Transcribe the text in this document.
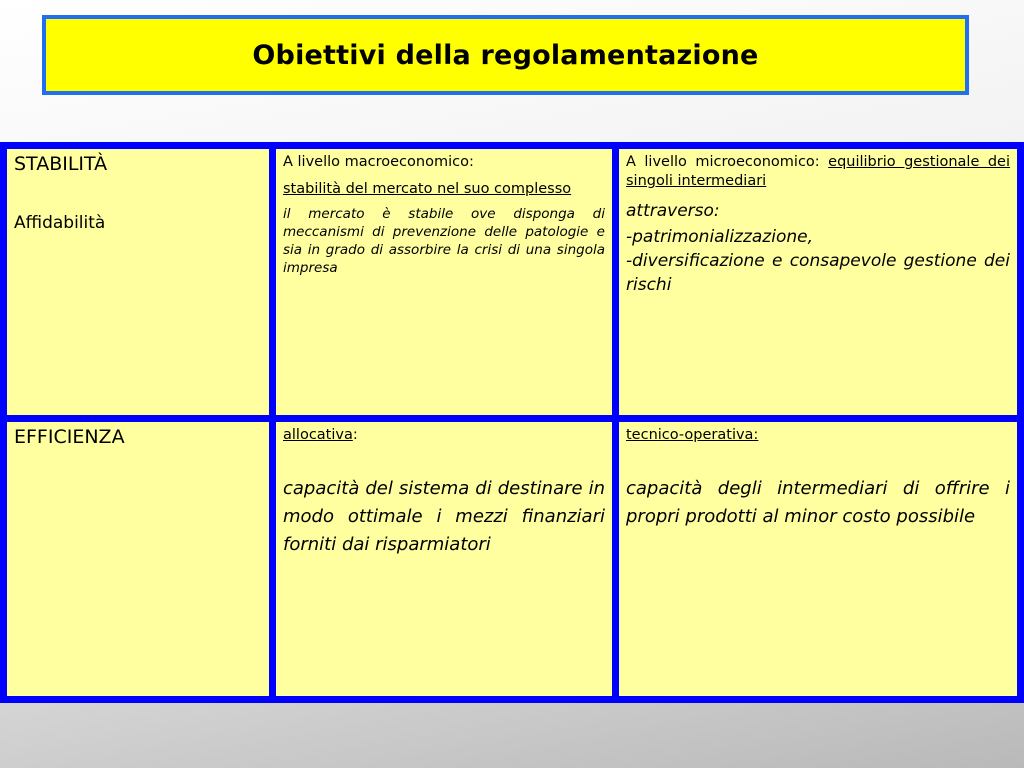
Obiettivi della regolamentazione
STABILITÀ
Affidabilità

A livello macroeconomico:

stabilità del mercato nel suo complesso

il mercato è stabile ove disponga di meccanismi di prevenzione delle patologie e sia in grado di assorbire la crisi di una singola impresa

A livello microeconomico: equilibrio gestionale dei singoli intermediari

attraverso:

-patrimonializzazione,

-diversificazione e consapevole gestione dei rischi

EFFICIENZA	allocativa:

capacità del sistema di destinare in modo ottimale i mezzi finanziari forniti dai risparmiatori

tecnico-operativa:

capacità degli intermediari di offrire i propri prodotti al minor costo possibile
